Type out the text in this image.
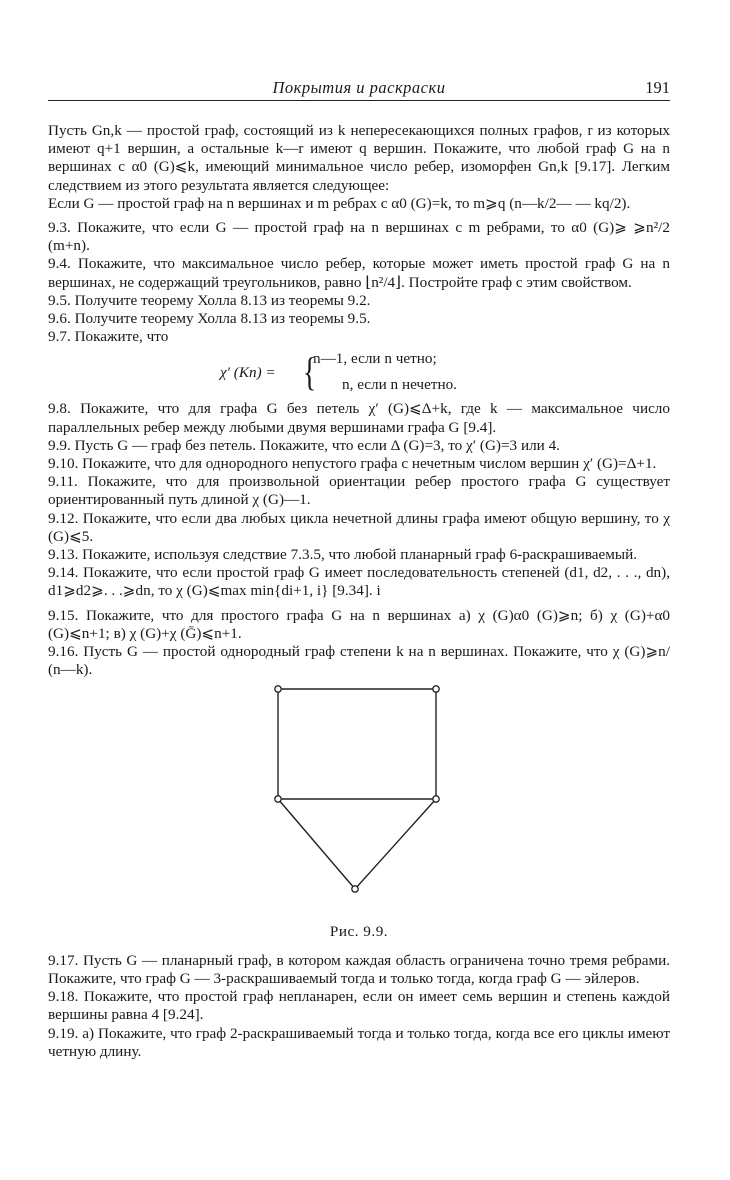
Покрытия и раскраски	191

Пусть Gn,k — простой граф, состоящий из k непересекающихся полных графов, r из которых имеют q+1 вершин, а остальные k—r имеют q вершин. Покажите, что любой граф G на n вершинах с α0 (G)⩽k, имеющий минимальное число ребер, изоморфен Gn,k [9.17]. Легким следствием из этого результата является следующее:

Если G — простой граф на n вершинах и m ребрах с α0 (G)=k, то m⩾q (n—k/2— — kq/2).

9.3. Покажите, что если G — простой граф на n вершинах с m ребрами, то α0 (G)⩾ ⩾n²/2 (m+n).

9.4. Покажите, что максимальное число ребер, которые может иметь простой граф G на n вершинах, не содержащий треугольников, равно ⌊n²/4⌋. Постройте граф с этим свойством.

9.5. Получите теорему Холла 8.13 из теоремы 9.2.

9.6. Получите теорему Холла 8.13 из теоремы 9.5.

9.7. Покажите, что

χ′ (Kn) = {
n—1, если n четно;
n, если n нечетно.

9.8. Покажите, что для графа G без петель χ′ (G)⩽Δ+k, где k — максимальное число параллельных ребер между любыми двумя вершинами графа G [9.4].

9.9. Пусть G — граф без петель. Покажите, что если Δ (G)=3, то χ′ (G)=3 или 4.

9.10. Покажите, что для однородного непустого графа с нечетным числом вершин χ′ (G)=Δ+1.

9.11. Покажите, что для произвольной ориентации ребер простого графа G существует ориентированный путь длиной χ (G)—1.

9.12. Покажите, что если два любых цикла нечетной длины графа имеют общую вершину, то χ (G)⩽5.

9.13. Покажите, используя следствие 7.3.5, что любой планарный граф 6-раскрашиваемый.

9.14. Покажите, что если простой граф G имеет последовательность степеней (d1, d2, . . ., dn), d1⩾d2⩾. . .⩾dn, то χ (G)⩽max min{di+1, i} [9.34]. i

9.15. Покажите, что для простого графа G на n вершинах а) χ (G)α0 (G)⩾n; б) χ (G)+α0 (G)⩽n+1; в) χ (G)+χ (Ḡ)⩽n+1.

9.16. Пусть G — простой однородный граф степени k на n вершинах. Покажите, что χ (G)⩾n/ (n—k).

Рис. 9.9.

9.17. Пусть G — планарный граф, в котором каждая область ограничена точно тремя ребрами. Покажите, что граф G — 3-раскрашиваемый тогда и только тогда, когда граф G — эйлеров.

9.18. Покажите, что простой граф непланарен, если он имеет семь вершин и степень каждой вершины равна 4 [9.24].

9.19. а) Покажите, что граф 2-раскрашиваемый тогда и только тогда, когда все его циклы имеют четную длину.
